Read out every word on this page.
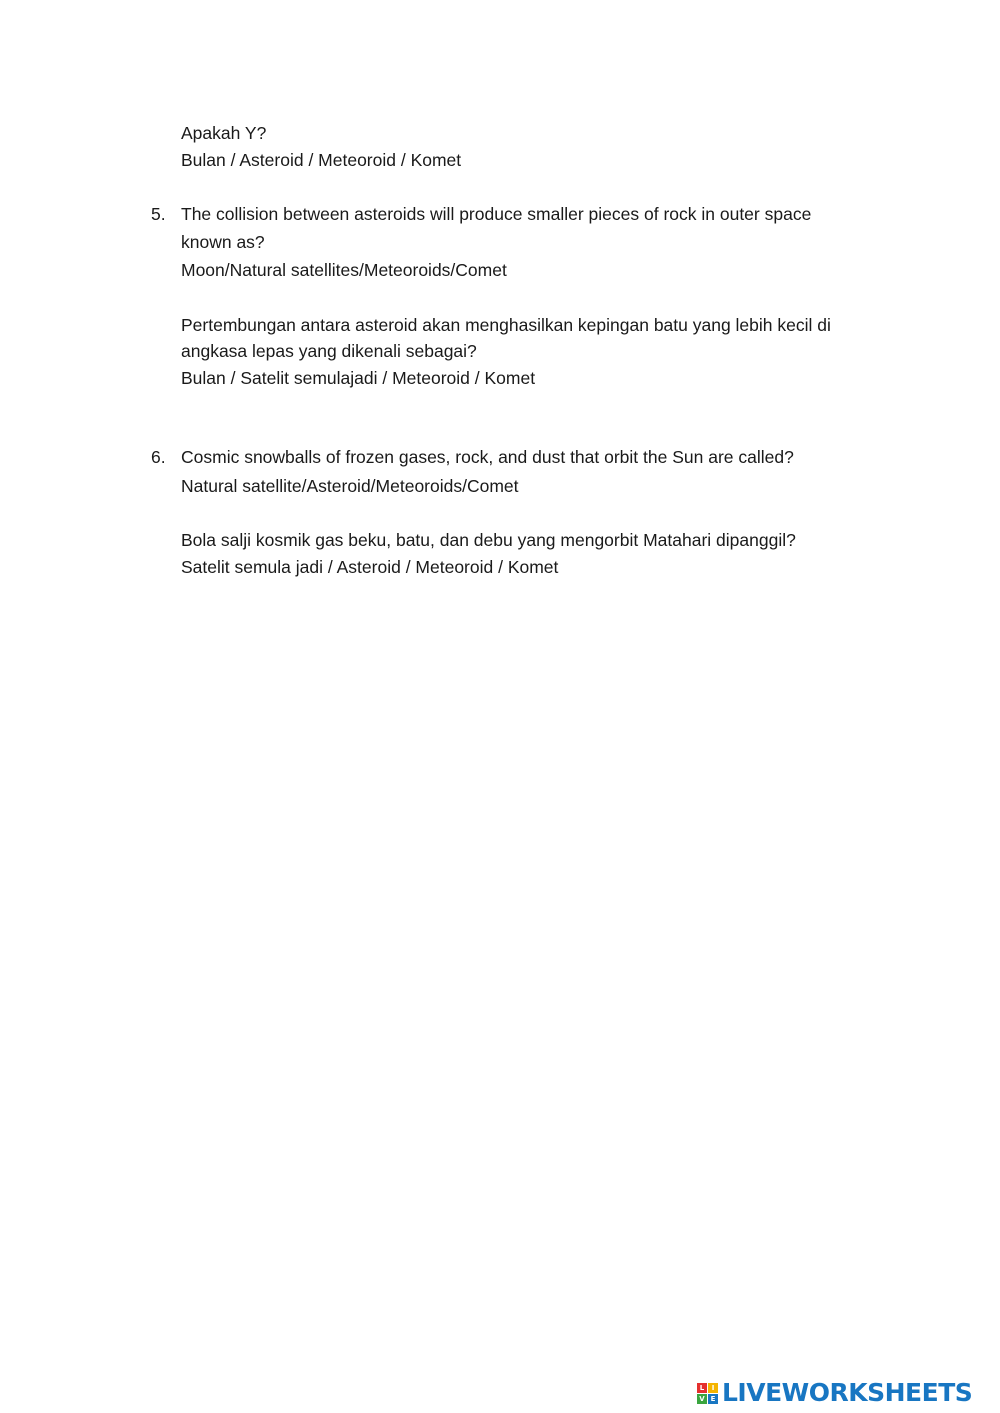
Apakah Y?
Bulan / Asteroid / Meteoroid / Komet
5. The collision between asteroids will produce smaller pieces of rock in outer space
known as?
Moon/Natural satellites/Meteoroids/Comet
Pertembungan antara asteroid akan menghasilkan kepingan batu yang lebih kecil di
angkasa lepas yang dikenali sebagai?
Bulan / Satelit semulajadi / Meteoroid / Komet
6. Cosmic snowballs of frozen gases, rock, and dust that orbit the Sun are called?
Natural satellite/Asteroid/Meteoroids/Comet
Bola salji kosmik gas beku, batu, dan debu yang mengorbit Matahari dipanggil?
Satelit semula jadi / Asteroid / Meteoroid / Komet
L	I
V E LIVEWORKSHEETS
